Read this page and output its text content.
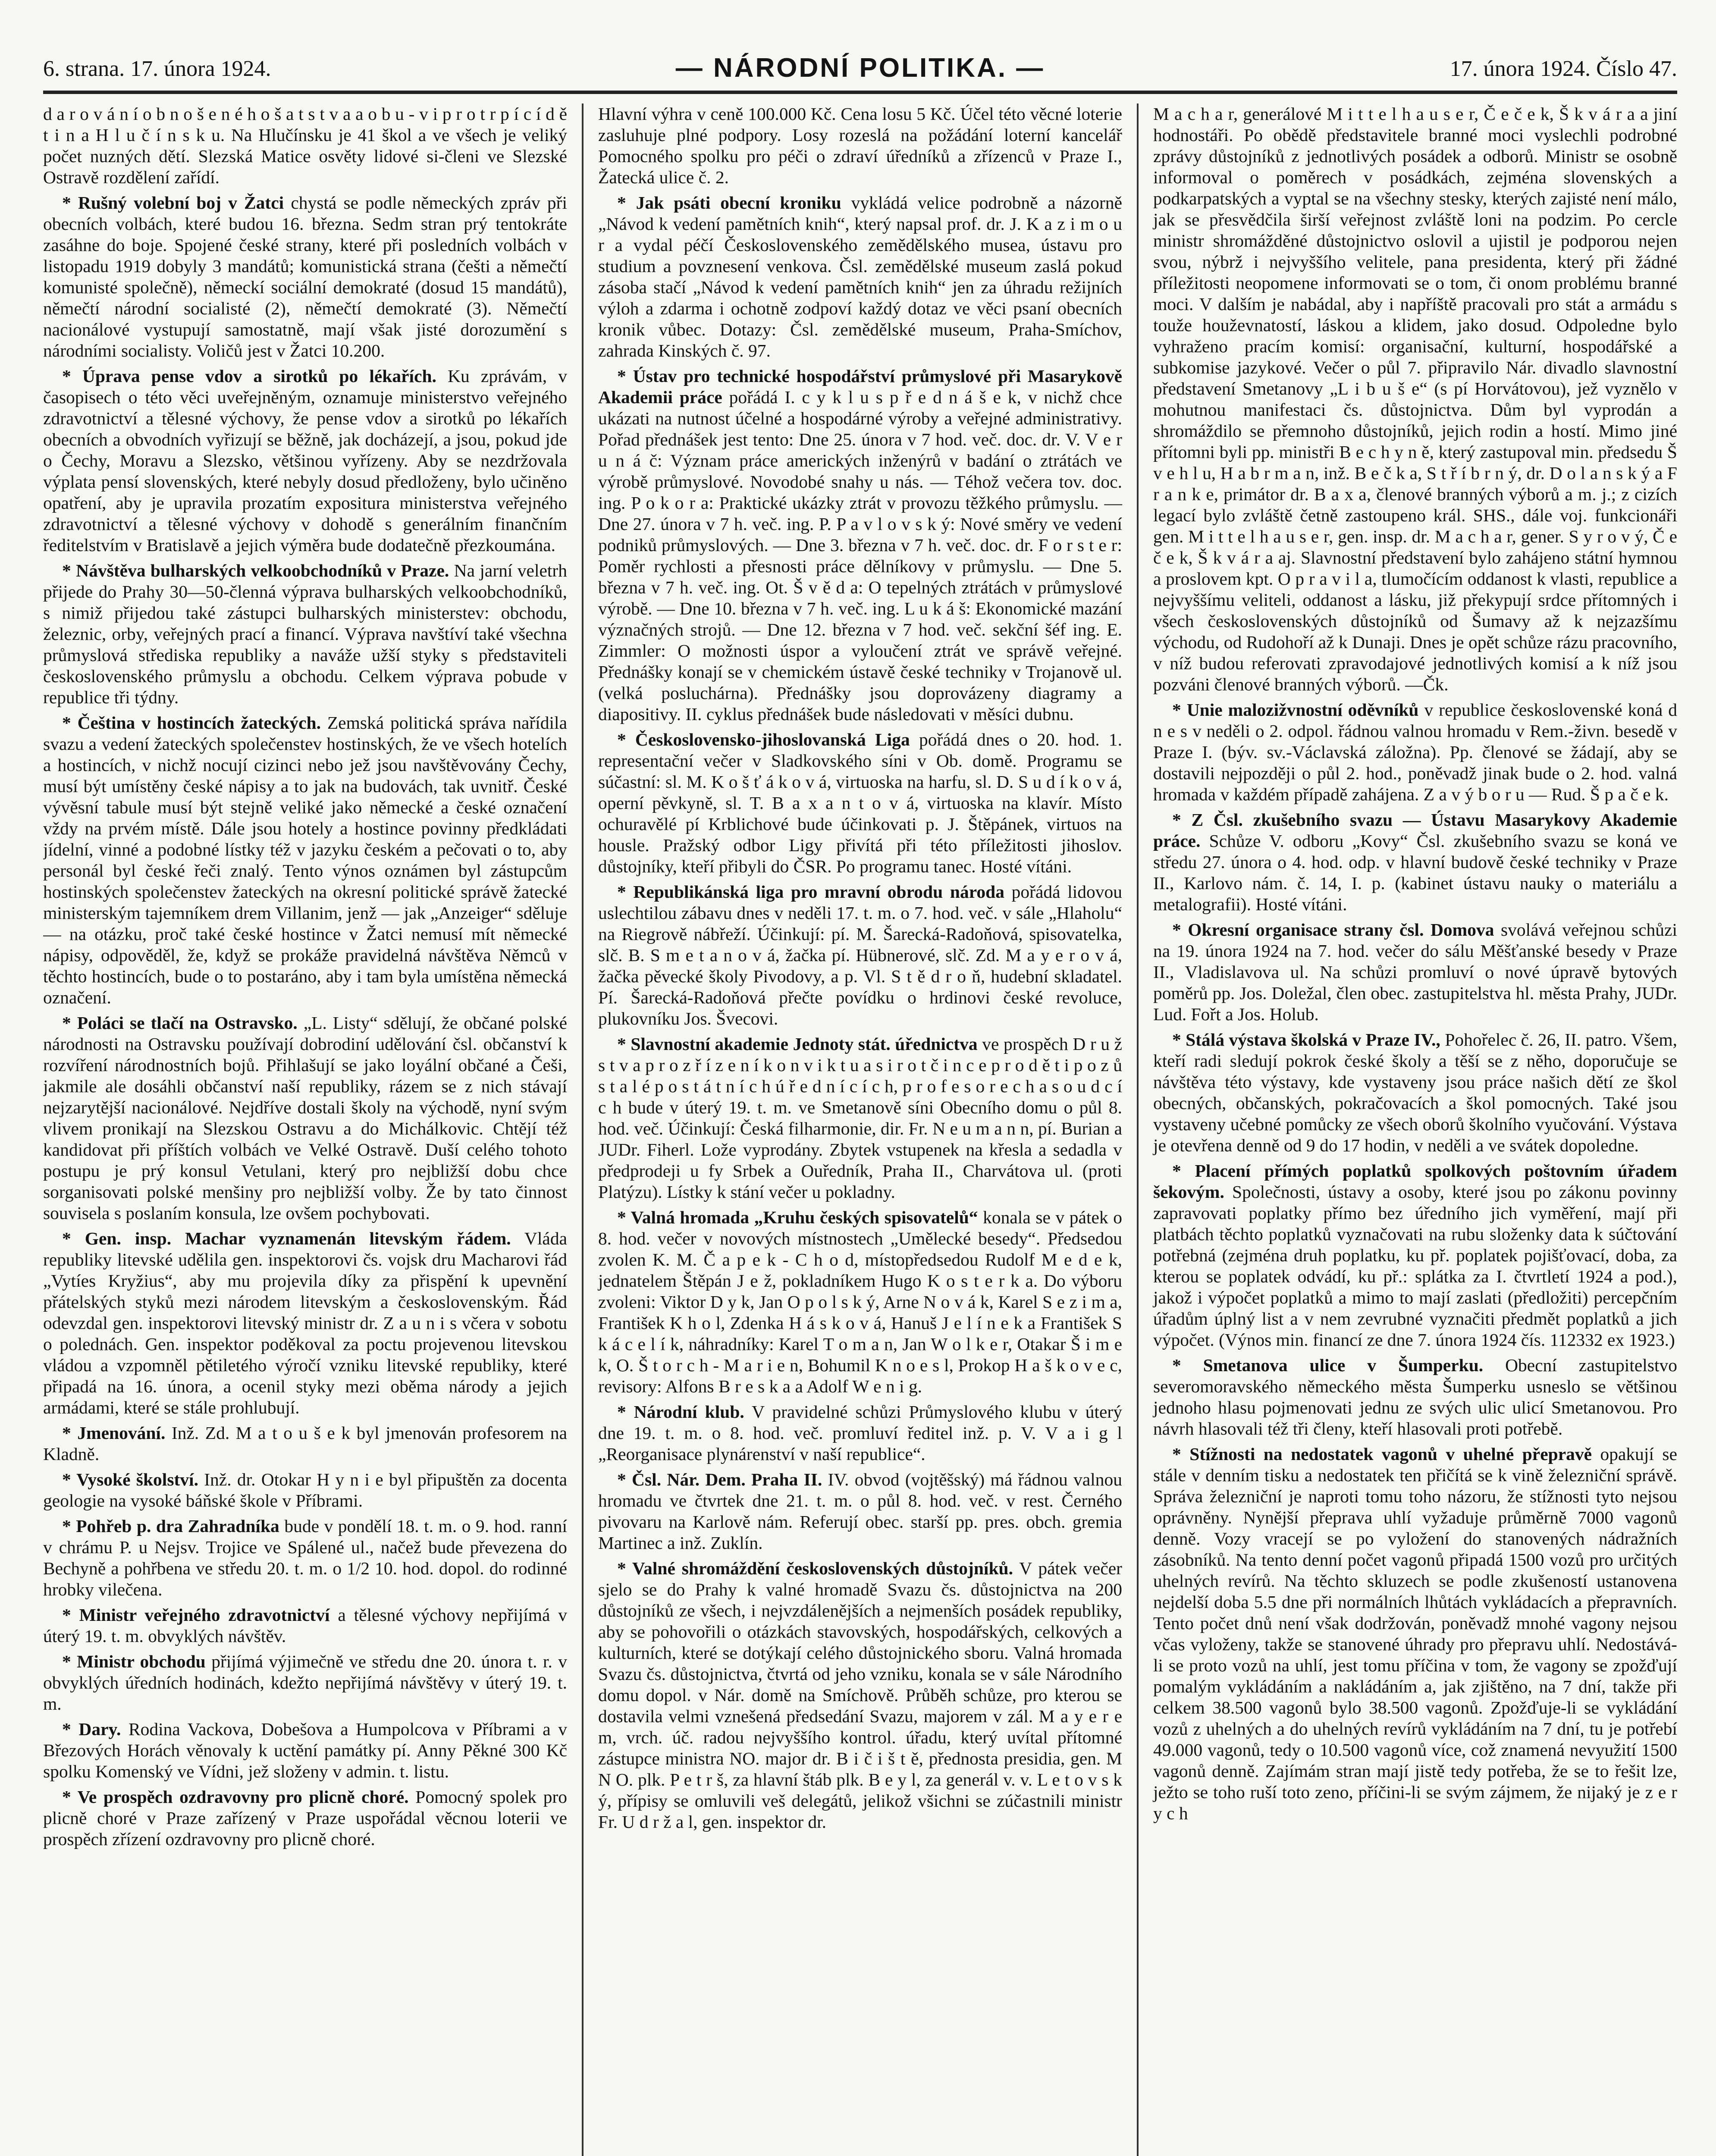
6. strana. 17. února 1924.	— NÁRODNÍ POLITIKA. —	17. února 1924. Číslo 47.

d a r o v á n í o b n o š e n é h o š a t s t v a a o b u - v i p r o t r p í c í d ě t i n a H l u č í n s k u. Na Hlučínsku je 41 škol a ve všech je veliký počet nuzných dětí. Slezská Matice osvěty lidové si-členi ve Slezské Ostravě rozdělení zařídí.

* Rušný volební boj v Žatci chystá se podle německých zpráv při obecních volbách, které budou 16. března. Sedm stran prý tentokráte zasáhne do boje. Spojené české strany, které při posledních volbách v listopadu 1919 dobyly 3 mandátů; komunistická strana (češti a němečtí komunisté společně), německí sociální demokraté (dosud 15 mandátů), němečtí národní socialisté (2), němečtí demokraté (3). Němečtí nacionálové vystupují samostatně, mají však jisté dorozumění s národními socialisty. Voličů jest v Žatci 10.200.

* Úprava pense vdov a sirotků po lékařích. Ku zprávám, v časopisech o této věci uveřejněným, oznamuje ministerstvo veřejného zdravotnictví a tělesné výchovy, že pense vdov a sirotků po lékařích obecních a obvodních vyřizují se běžně, jak docházejí, a jsou, pokud jde o Čechy, Moravu a Slezsko, většinou vyřízeny. Aby se nezdržovala výplata pensí slovenských, které nebyly dosud předloženy, bylo učiněno opatření, aby je upravila prozatím expositura ministerstva veřejného zdravotnictví a tělesné výchovy v dohodě s generálním finančním ředitelstvím v Bratislavě a jejich výměra bude dodatečně přezkoumána.

* Návštěva bulharských velkoobchodníků v Praze. Na jarní veletrh přijede do Prahy 30—50-členná výprava bulharských velkoobchodníků, s nimiž přijedou také zástupci bulharských ministerstev: obchodu, železnic, orby, veřejných prací a financí. Výprava navštíví také všechna průmyslová střediska republiky a naváže užší styky s představiteli československého průmyslu a obchodu. Celkem výprava pobude v republice tři týdny.

* Čeština v hostincích žateckých. Zemská politická správa nařídila svazu a vedení žateckých společenstev hostinských, že ve všech hotelích a hostincích, v nichž nocují cizinci nebo jež jsou navštěvovány Čechy, musí být umístěny české nápisy a to jak na budovách, tak uvnitř. České vývěsní tabule musí být stejně veliké jako německé a české označení vždy na prvém místě. Dále jsou hotely a hostince povinny předkládati jídelní, vinné a podobné lístky též v jazyku českém a pečovati o to, aby personál byl české řeči znalý. Tento výnos oznámen byl zástupcům hostinských společenstev žateckých na okresní politické správě žatecké ministerským tajemníkem drem Villanim, jenž — jak „Anzeiger“ sděluje — na otázku, proč také české hostince v Žatci nemusí mít německé nápisy, odpověděl, že, když se prokáže pravidelná návštěva Němců v těchto hostincích, bude o to postaráno, aby i tam byla umístěna německá označení.

* Poláci se tlačí na Ostravsko. „L. Listy“ sdělují, že občané polské národnosti na Ostravsku používají dobrodiní udělování čsl. občanství k rozvíření národnostních bojů. Přihlašují se jako loyální občané a Češi, jakmile ale dosáhli občanství naší republiky, rázem se z nich stávají nejzarytější nacionálové. Nejdříve dostali školy na východě, nyní svým vlivem pronikají na Slezskou Ostravu a do Michálkovic. Chtějí též kandidovat při příštích volbách ve Velké Ostravě. Duší celého tohoto postupu je prý konsul Vetulani, který pro nejbližší dobu chce sorganisovati polské menšiny pro nejbližší volby. Že by tato činnost souvisela s poslaním konsula, lze ovšem pochybovati.

* Gen. insp. Machar vyznamenán litevským řádem. Vláda republiky litevské udělila gen. inspektorovi čs. vojsk dru Macharovi řád „Vytíes Kryžius“, aby mu projevila díky za přispění k upevnění přátelských styků mezi národem litevským a československým. Řád odevzdal gen. inspektorovi litevský ministr dr. Z a u n i s včera v sobotu o polednách. Gen. inspektor poděkoval za poctu projevenou litevskou vládou a vzpomněl pětiletého výročí vzniku litevské republiky, které připadá na 16. února, a ocenil styky mezi oběma národy a jejich armádami, které se stále prohlubují.

* Jmenování. Inž. Zd. M a t o u š e k byl jmenován profesorem na Kladně.

* Vysoké školství. Inž. dr. Otokar H y n i e byl připuštěn za docenta geologie na vysoké báňské škole v Příbrami.

* Pohřeb p. dra Zahradníka bude v pondělí 18. t. m. o 9. hod. ranní v chrámu P. u Nejsv. Trojice ve Spálené ul., načež bude převezena do Bechyně a pohřbena ve středu 20. t. m. o 1/2 10. hod. dopol. do rodinné hrobky vilečena.

* Ministr veřejného zdravotnictví a tělesné výchovy nepřijímá v úterý 19. t. m. obvyklých návštěv.

* Ministr obchodu přijímá výjimečně ve středu dne 20. února t. r. v obvyklých úředních hodinách, kdežto nepřijímá návštěvy v úterý 19. t. m.

* Dary. Rodina Vackova, Dobešova a Humpolcova v Příbrami a v Březových Horách věnovaly k uctění památky pí. Anny Pěkné 300 Kč spolku Komenský ve Vídni, jež složeny v admin. t. listu.

* Ve prospěch ozdravovny pro plicně choré. Pomocný spolek pro plicně choré v Praze zařízený v Praze uspořádal věcnou loterii ve prospěch zřízení ozdravovny pro plicně choré.

Hlavní výhra v ceně 100.000 Kč. Cena losu 5 Kč. Účel této věcné loterie zasluhuje plné podpory. Losy rozeslá na požádání loterní kancelář Pomocného spolku pro péči o zdraví úředníků a zřízenců v Praze I., Žatecká ulice č. 2.

* Jak psáti obecní kroniku vykládá velice podrobně a názorně „Návod k vedení pamětních knih“, který napsal prof. dr. J. K a z i m o u r a vydal péčí Československého zemědělského musea, ústavu pro studium a povznesení venkova. Čsl. zemědělské museum zaslá pokud zásoba stačí „Návod k vedení pamětních knih“ jen za úhradu režijních výloh a zdarma i ochotně zodpoví každý dotaz ve věci psaní obecních kronik vůbec. Dotazy: Čsl. zemědělské museum, Praha-Smíchov, zahrada Kinských č. 97.

* Ústav pro technické hospodářství průmyslové při Masarykově Akademii práce pořádá I. c y k l u s p ř e d n á š e k, v nichž chce ukázati na nutnost účelné a hospodárné výroby a veřejné administrativy. Pořad přednášek jest tento: Dne 25. února v 7 hod. več. doc. dr. V. V e r u n á č: Význam práce amerických inženýrů v badání o ztrátách ve výrobě průmyslové. Novodobé snahy u nás. — Téhož večera tov. doc. ing. P o k o r a: Praktické ukázky ztrát v provozu těžkého průmyslu. — Dne 27. února v 7 h. več. ing. P. P a v l o v s k ý: Nové směry ve vedení podniků průmyslových. — Dne 3. března v 7 h. več. doc. dr. F o r s t e r: Poměr rychlosti a přesnosti práce dělníkovy v průmyslu. — Dne 5. března v 7 h. več. ing. Ot. Š v ě d a: O tepelných ztrátách v průmyslové výrobě. — Dne 10. března v 7 h. več. ing. L u k á š: Ekonomické mazání význačných strojů. — Dne 12. března v 7 hod. več. sekční šéf ing. E. Zimmler: O možnosti úspor a vyloučení ztrát ve správě veřejné. Přednášky konají se v chemickém ústavě české techniky v Trojanově ul. (velká posluchárna). Přednášky jsou doprovázeny diagramy a diapositivy. II. cyklus přednášek bude následovati v měsíci dubnu.

* Československo-jihoslovanská Liga pořádá dnes o 20. hod. 1. representační večer v Sladkovského síni v Ob. domě. Programu se súčastní: sl. M. K o š ť á k o v á, virtuoska na harfu, sl. D. S u d í k o v á, operní pěvkyně, sl. T. B a x a n t o v á, virtuoska na klavír. Místo ochuravělé pí Krblichové bude účinkovati p. J. Štěpánek, virtuos na housle. Pražský odbor Ligy přivítá při této příležitosti jihoslov. důstojníky, kteří přibyli do ČSR. Po programu tanec. Hosté vítáni.

* Republikánská liga pro mravní obrodu národa pořádá lidovou uslechtilou zábavu dnes v neděli 17. t. m. o 7. hod. več. v sále „Hlaholu“ na Riegrově nábřeží. Účinkují: pí. M. Šarecká-Radoňová, spisovatelka, slč. B. S m e t a n o v á, žačka pí. Hübnerové, slč. Zd. M a y e r o v á, žačka pěvecké školy Pivodovy, a p. Vl. S t ě d r o ň, hudební skladatel. Pí. Šarecká-Radoňová přečte povídku o hrdinovi české revoluce, plukovníku Jos. Švecovi.

* Slavnostní akademie Jednoty stát. úřednictva ve prospěch D r u ž s t v a p r o z ř í z e n í k o n v i k t u a s i r o t č i n c e p r o d ě t i p o z ů s t a l é p o s t á t n í c h ú ř e d n í c í c h, p r o f e s o r e c h a s o u d c í c h bude v úterý 19. t. m. ve Smetanově síni Obecního domu o půl 8. hod. več. Účinkují: Česká filharmonie, dir. Fr. N e u m a n n, pí. Burian a JUDr. Fiherl. Lože vyprodány. Zbytek vstupenek na křesla a sedadla v předprodeji u fy Srbek a Ouředník, Praha II., Charvátova ul. (proti Platýzu). Lístky k stání večer u pokladny.

* Valná hromada „Kruhu českých spisovatelů“ konala se v pátek o 8. hod. večer v novových místnostech „Umělecké besedy“. Předsedou zvolen K. M. Č a p e k - C h o d, místopředsedou Rudolf M e d e k, jednatelem Štěpán J e ž, pokladníkem Hugo K o s t e r k a. Do výboru zvoleni: Viktor D y k, Jan O p o l s k ý, Arne N o v á k, Karel S e z i m a, František K h o l, Zdenka H á s k o v á, Hanuš J e l í n e k a František S k á c e l í k, náhradníky: Karel T o m a n, Jan W o l k e r, Otakar Š i m e k, O. Š t o r c h - M a r i e n, Bohumil K n o e s l, Prokop H a š k o v e c, revisory: Alfons B r e s k a a Adolf W e n i g.

* Národní klub. V pravidelné schůzi Průmyslového klubu v úterý dne 19. t. m. o 8. hod. več. promluví ředitel inž. p. V. V a i g l „Reorganisace plynárenství v naší republice“.

* Čsl. Nár. Dem. Praha II. IV. obvod (vojtěšský) má řádnou valnou hromadu ve čtvrtek dne 21. t. m. o půl 8. hod. več. v rest. Černého pivovaru na Karlově nám. Referují obec. starší pp. pres. obch. gremia Martinec a inž. Zuklín.

* Valné shromáždění československých důstojníků. V pátek večer sjelo se do Prahy k valné hromadě Svazu čs. důstojnictva na 200 důstojníků ze všech, i nejvzdálenějších a nejmenších posádek republiky, aby se pohovořili o otázkách stavovských, hospodářských, celkových a kulturních, které se dotýkají celého důstojnického sboru. Valná hromada Svazu čs. důstojnictva, čtvrtá od jeho vzniku, konala se v sále Národního domu dopol. v Nár. domě na Smíchově. Průběh schůze, pro kterou se dostavila velmi vznešená předsedání Svazu, majorem v zál. M a y e r e m, vrch. úč. radou nejvyššího kontrol. úřadu, který uvítal přítomné zástupce ministra NO. major dr. B i č i š t ě, přednosta presidia, gen. M N O. plk. P e t r š, za hlavní štáb plk. B e y l, za generál v. v. L e t o v s k ý, přípisy se omluvili veš delegátů, jelikož všichni se zúčastnili ministr Fr. U d r ž a l, gen. inspektor dr.

M a c h a r, generálové M i t t e l h a u s e r, Č e č e k, Š k v á r a a jiní hodnostáři. Po obědě představitele branné moci vyslechli podrobné zprávy důstojníků z jednotlivých posádek a odborů. Ministr se osobně informoval o poměrech v posádkách, zejména slovenských a podkarpatských a vyptal se na všechny stesky, kterých zajisté není málo, jak se přesvědčila širší veřejnost zvláště loni na podzim. Po cercle ministr shromážděné důstojnictvo oslovil a ujistil je podporou nejen svou, nýbrž i nejvyššího velitele, pana presidenta, který při žádné příležitosti neopomene informovati se o tom, či onom problému branné moci. V dalším je nabádal, aby i napříště pracovali pro stát a armádu s touže houževnatostí, láskou a klidem, jako dosud. Odpoledne bylo vyhraženo pracím komisí: organisační, kulturní, hospodářské a subkomise jazykové. Večer o půl 7. připravilo Nár. divadlo slavnostní představení Smetanovy „L i b u š e“ (s pí Horvátovou), jež vyznělo v mohutnou manifestaci čs. důstojnictva. Dům byl vyprodán a shromáždilo se přemnoho důstojníků, jejich rodin a hostí. Mimo jiné přítomni byli pp. ministři B e c h y n ě, který zastupoval min. předsedu Š v e h l u, H a b r m a n, inž. B e č k a, S t ř í b r n ý, dr. D o l a n s k ý a F r a n k e, primátor dr. B a x a, členové branných výborů a m. j.; z cizích legací bylo zvláště četně zastoupeno král. SHS., dále voj. funkcionáři gen. M i t t e l h a u s e r, gen. insp. dr. M a c h a r, gener. S y r o v ý, Č e č e k, Š k v á r a aj. Slavnostní představení bylo zahájeno státní hymnou a proslovem kpt. O p r a v i l a, tlumočícím oddanost k vlasti, republice a nejvyššímu veliteli, oddanost a lásku, již překypují srdce přítomných i všech československých důstojníků od Šumavy až k nejzazšímu východu, od Rudohoří až k Dunaji. Dnes je opět schůze rázu pracovního, v níž budou referovati zpravodajové jednotlivých komisí a k níž jsou pozváni členové branných výborů. —Čk.

* Unie malozižvnostní oděvníků v republice československé koná d n e s v neděli o 2. odpol. řádnou valnou hromadu v Rem.-živn. besedě v Praze I. (býv. sv.-Václavská záložna). Pp. členové se žádají, aby se dostavili nejpozději o půl 2. hod., poněvadž jinak bude o 2. hod. valná hromada v každém případě zahájena. Z a v ý b o r u — Rud. Š p a č e k.

* Z Čsl. zkušebního svazu — Ústavu Masarykovy Akademie práce. Schůze V. odboru „Kovy“ Čsl. zkušebního svazu se koná ve středu 27. února o 4. hod. odp. v hlavní budově české techniky v Praze II., Karlovo nám. č. 14, I. p. (kabinet ústavu nauky o materiálu a metalografii). Hosté vítáni.

* Okresní organisace strany čsl. Domova svolává veřejnou schůzi na 19. února 1924 na 7. hod. večer do sálu Měšťanské besedy v Praze II., Vladislavova ul. Na schůzi promluví o nové úpravě bytových poměrů pp. Jos. Doležal, člen obec. zastupitelstva hl. města Prahy, JUDr. Lud. Fořt a Jos. Holub.

* Stálá výstava školská v Praze IV., Pohořelec č. 26, II. patro. Všem, kteří radi sledují pokrok české školy a těší se z něho, doporučuje se návštěva této výstavy, kde vystaveny jsou práce našich dětí ze škol obecných, občanských, pokračovacích a škol pomocných. Také jsou vystaveny učebné pomůcky ze všech oborů školního vyučování. Výstava je otevřena denně od 9 do 17 hodin, v neděli a ve svátek dopoledne.

* Placení přímých poplatků spolkových poštovním úřadem šekovým. Společnosti, ústavy a osoby, které jsou po zákonu povinny zapravovati poplatky přímo bez úředního jich vyměření, mají při platbách těchto poplatků vyznačovati na rubu složenky data k súčtování potřebná (zejména druh poplatku, ku př. poplatek pojišťovací, doba, za kterou se poplatek odvádí, ku př.: splátka za I. čtvrtletí 1924 a pod.), jakož i výpočet poplatků a mimo to mají zaslati (předložiti) percepčním úřadům úplný list a v nem zevrubné vyznačiti předmět poplatků a jich výpočet. (Výnos min. financí ze dne 7. února 1924 čís. 112332 ex 1923.)

* Smetanova ulice v Šumperku. Obecní zastupitelstvo severomoravského německého města Šumperku usneslo se většinou jednoho hlasu pojmenovati jednu ze svých ulic ulicí Smetanovou. Pro návrh hlasovali též tři členy, kteří hlasovali proti potřebě.

* Stížnosti na nedostatek vagonů v uhelné přepravě opakují se stále v denním tisku a nedostatek ten přičítá se k vině železniční správě. Správa železniční je naproti tomu toho názoru, že stížnosti tyto nejsou oprávněny. Nynější přeprava uhlí vyžaduje průměrně 7000 vagonů denně. Vozy vracejí se po vyložení do stanovených nádražních zásobníků. Na tento denní počet vagonů připadá 1500 vozů pro určitých uhelných revírů. Na těchto skluzech se podle zkušeností ustanovena nejdelší doba 5.5 dne při normálních lhůtách vykládacích a přepravních. Tento počet dnů není však dodržován, poněvadž mnohé vagony nejsou včas vyloženy, takže se stanovené úhrady pro přepravu uhlí. Nedostává-li se proto vozů na uhlí, jest tomu příčina v tom, že vagony se zpožďují pomalým vykládáním a nakládáním a, jak zjištěno, na 7 dní, takže při celkem 38.500 vagonů bylo 38.500 vagonů. Zpožďuje-li se vykládání vozů z uhelných a do uhelných revírů vykládáním na 7 dní, tu je potřebí 49.000 vagonů, tedy o 10.500 vagonů více, což znamená nevyužití 1500 vagonů denně. Zajímám stran mají jistě tedy potřeba, že se to řešit lze, ježto se toho ruší toto zeno, příčini-li se svým zájmem, že nijaký je z e r y c h
